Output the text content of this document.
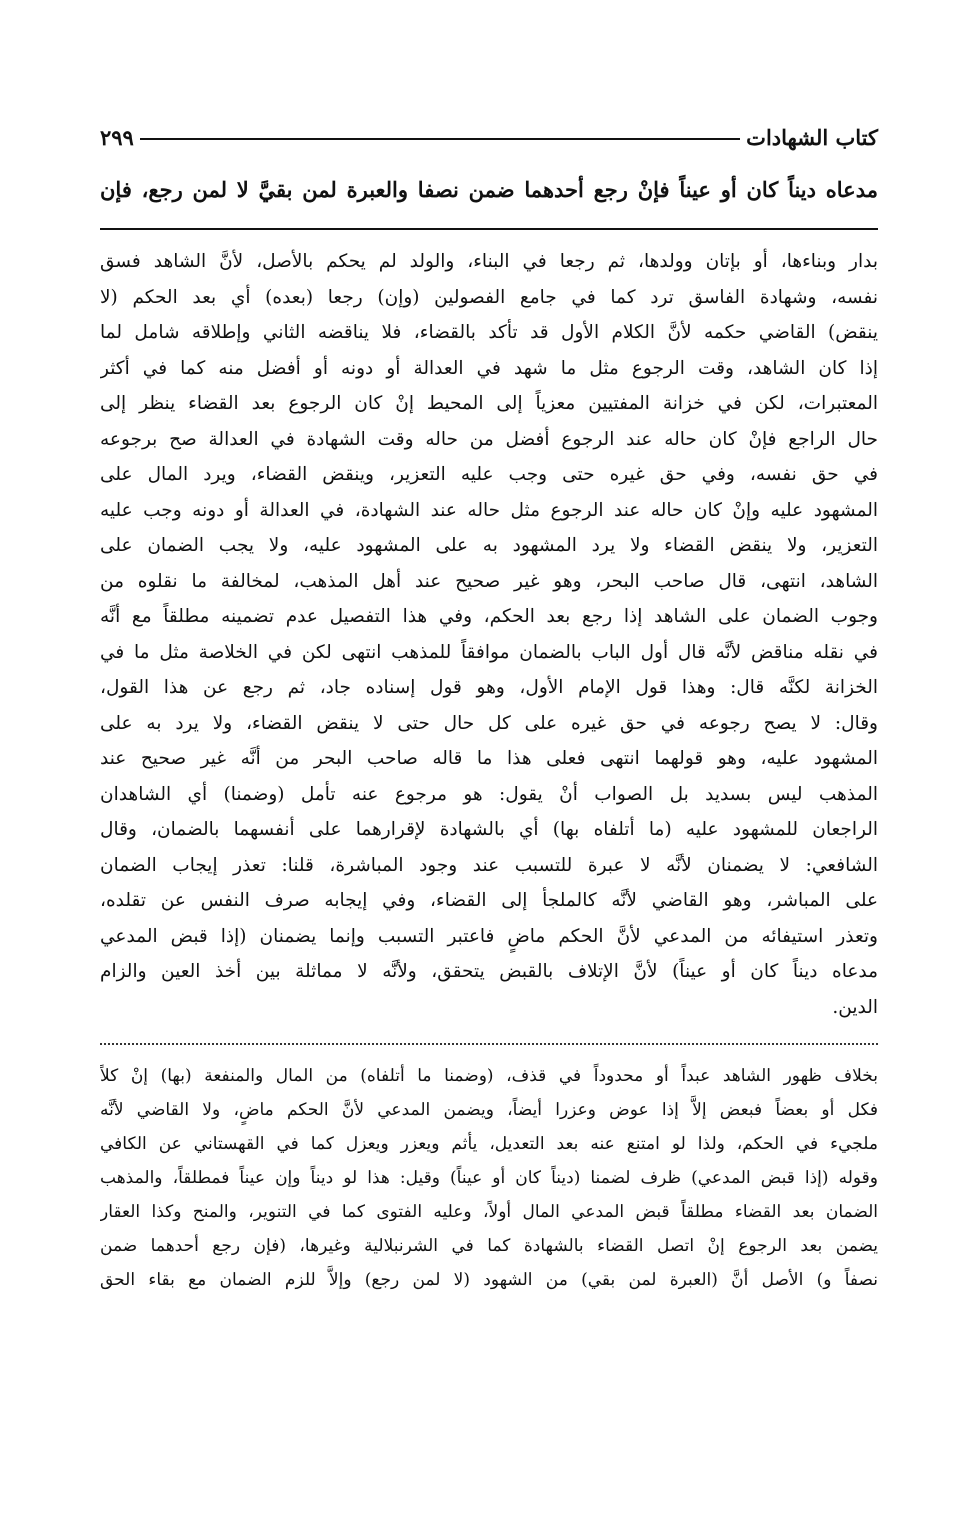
كتاب الشهادات
٢٩٩
مدعاه ديناً كان أو عيناً فإنْ رجع أحدهما ضمن نصفا والعبرة لمن بقيَّ لا لمن رجع، فإن
بدار وبناءها، أو بإتان وولدها، ثم رجعا في البناء، والولد لم يحكم بالأصل، لأنَّ الشاهد فسق
نفسه، وشهادة الفاسق ترد كما في جامع الفصولين (وإن) رجعا (بعده) أي بعد الحكم (لا
ينقض) القاضي حكمه لأنَّ الكلام الأول قد تأكد بالقضاء، فلا يناقضه الثاني وإطلاقه شامل لما
إذا كان الشاهد، وقت الرجوع مثل ما شهد في العدالة أو دونه أو أفضل منه كما في أكثر
المعتبرات، لكن في خزانة المفتيين معزياً إلى المحيط إنْ كان الرجوع بعد القضاء ينظر إلى
حال الراجع فإنْ كان حاله عند الرجوع أفضل من حاله وقت الشهادة في العدالة صح برجوعه
في حق نفسه، وفي حق غيره حتى وجب عليه التعزير، وينقض القضاء، ويرد المال على
المشهود عليه وإنْ كان حاله عند الرجوع مثل حاله عند الشهادة، في العدالة أو دونه وجب عليه
التعزير، ولا ينقض القضاء ولا يرد المشهود به على المشهود عليه، ولا يجب الضمان على
الشاهد، انتهى، قال صاحب البحر، وهو غير صحيح عند أهل المذهب، لمخالفة ما نقلوه من
وجوب الضمان على الشاهد إذا رجع بعد الحكم، وفي هذا التفصيل عدم تضمينه مطلقاً مع أنَّه
في نقله مناقض لأنَّه قال أول الباب بالضمان موافقاً للمذهب انتهى لكن في الخلاصة مثل ما في
الخزانة لكنَّه قال: وهذا قول الإمام الأول، وهو قول إسناده جاد، ثم رجع عن هذا القول،
وقال: لا يصح رجوعه في حق غيره على كل حال حتى لا ينقض القضاء، ولا يرد به على
المشهود عليه، وهو قولهما انتهى فعلى هذا ما قاله صاحب البحر من أنَّه غير صحيح عند
المذهب ليس بسديد بل الصواب أنْ يقول: هو مرجوع عنه تأمل (وضمنا) أي الشاهدان
الراجعان للمشهود عليه (ما أتلفاه بها) أي بالشهادة لإقرارهما على أنفسهما بالضمان، وقال
الشافعي: لا يضمنان لأنَّه لا عبرة للتسبب عند وجود المباشرة، قلنا: تعذر إيجاب الضمان
على المباشر، وهو القاضي لأنَّه كالملجأ إلى القضاء، وفي إيجابه صرف النفس عن تقلده،
وتعذر استيفائه من المدعي لأنَّ الحكم ماضٍ فاعتبر التسبب وإنما يضمنان (إذا قبض المدعي
مدعاه ديناً كان أو عيناً) لأنَّ الإتلاف بالقبض يتحقق، ولأنَّه لا مماثلة بين أخذ العين والزام
الدين.
بخلاف ظهور الشاهد عبداً أو محدوداً في قذف، (وضمنا ما أتلفاه) من المال والمنفعة (بها) إنْ كلاً
فكل أو بعضاً فبعض إلاَّ إذا عوض وعزرا أيضاً، ويضمن المدعي لأنَّ الحكم ماضٍ، ولا القاضي لأنَّه
ملجيء في الحكم، ولذا لو امتنع عنه بعد التعديل، يأثم ويعزر ويعزل كما في القهستاني عن الكافي
وقوله (إذا قبض المدعي) ظرف لضمنا (ديناً كان أو عيناً) وقيل: هذا لو ديناً وإن عيناً فمطلقاً، والمذهب
الضمان بعد القضاء مطلقاً قبض المدعي المال أولاً، وعليه الفتوى كما في التنوير، والمنح وكذا العقار
يضمن بعد الرجوع إنْ اتصل القضاء بالشهادة كما في الشرنبلالية وغيرها، (فإن رجع أحدهما ضمن
نصفاً و) الأصل أنَّ (العبرة لمن بقي) من الشهود (لا لمن رجع) وإلاَّ للزم الضمان مع بقاء الحق
